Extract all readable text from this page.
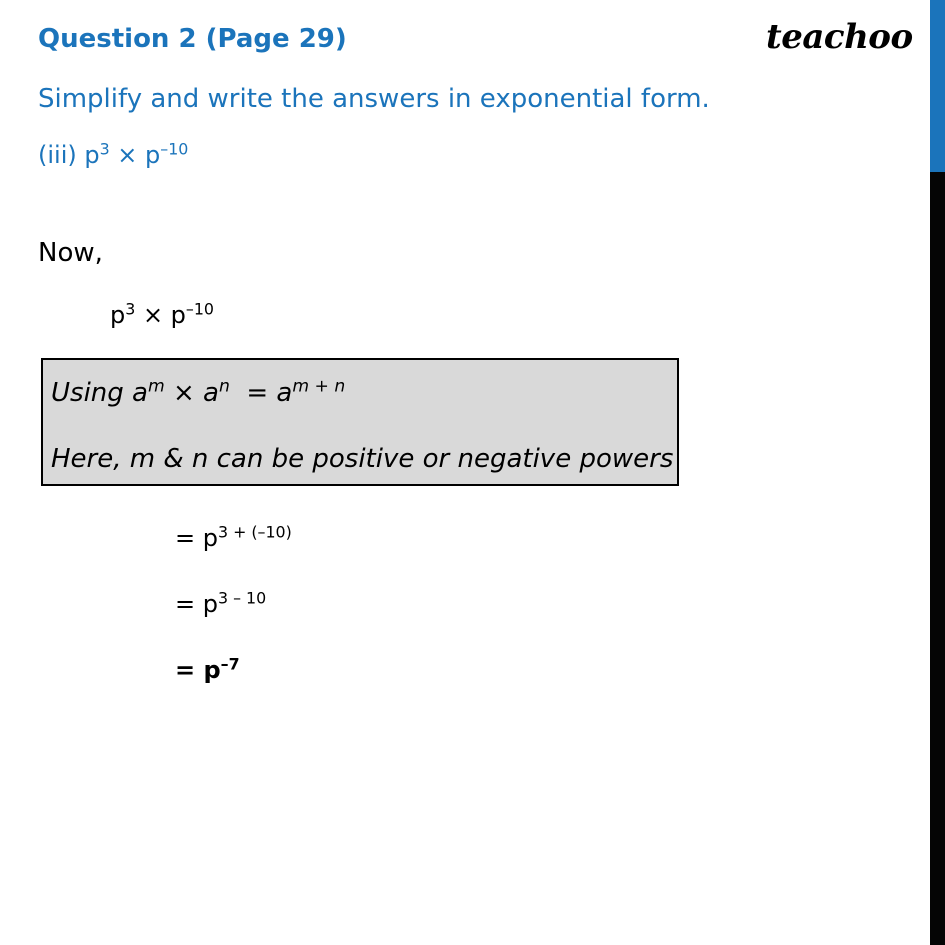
Question 2 (Page 29)	teachoo
Simplify and write the answers in exponential form.
(iii) $p^3 \times p^{-10}$
Now,
$p^3 \times p^{-10}$
Using $a^m \times a^n = a^{m + n}$
Here, m & n can be positive or negative powers
= $p^{3 + (-10)}$
= $p^{3 - 10}$
= $p^{-7}$
